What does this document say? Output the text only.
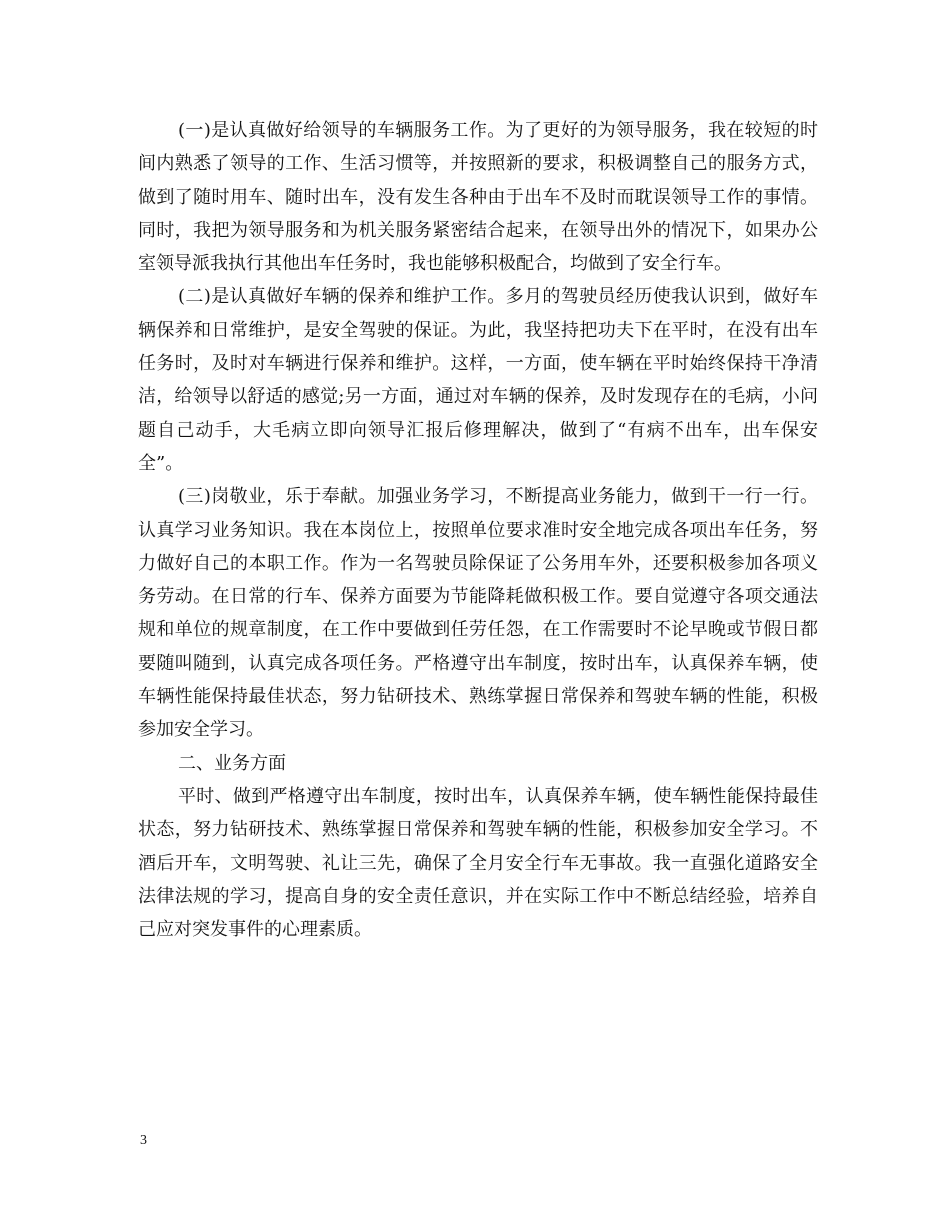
(一)是认真做好给领导的车辆服务工作。为了更好的为领导服务，我在较短的时间内熟悉了领导的工作、生活习惯等，并按照新的要求，积极调整自己的服务方式，做到了随时用车、随时出车，没有发生各种由于出车不及时而耽误领导工作的事情。同时，我把为领导服务和为机关服务紧密结合起来，在领导出外的情况下，如果办公室领导派我执行其他出车任务时，我也能够积极配合，均做到了安全行车。

(二)是认真做好车辆的保养和维护工作。多月的驾驶员经历使我认识到，做好车辆保养和日常维护，是安全驾驶的保证。为此，我坚持把功夫下在平时，在没有出车任务时，及时对车辆进行保养和维护。这样，一方面，使车辆在平时始终保持干净清洁，给领导以舒适的感觉;另一方面，通过对车辆的保养，及时发现存在的毛病，小问题自己动手，大毛病立即向领导汇报后修理解决，做到了“有病不出车，出车保安全”。

(三)岗敬业，乐于奉献。加强业务学习，不断提高业务能力，做到干一行一行。认真学习业务知识。我在本岗位上，按照单位要求准时安全地完成各项出车任务，努力做好自己的本职工作。作为一名驾驶员除保证了公务用车外，还要积极参加各项义务劳动。在日常的行车、保养方面要为节能降耗做积极工作。要自觉遵守各项交通法规和单位的规章制度，在工作中要做到任劳任怨，在工作需要时不论早晚或节假日都要随叫随到，认真完成各项任务。严格遵守出车制度，按时出车，认真保养车辆，使车辆性能保持最佳状态，努力钻研技术、熟练掌握日常保养和驾驶车辆的性能，积极参加安全学习。

二、业务方面

平时、做到严格遵守出车制度，按时出车，认真保养车辆，使车辆性能保持最佳状态，努力钻研技术、熟练掌握日常保养和驾驶车辆的性能，积极参加安全学习。不酒后开车，文明驾驶、礼让三先，确保了全月安全行车无事故。我一直强化道路安全法律法规的学习，提高自身的安全责任意识，并在实际工作中不断总结经验，培养自己应对突发事件的心理素质。

3
